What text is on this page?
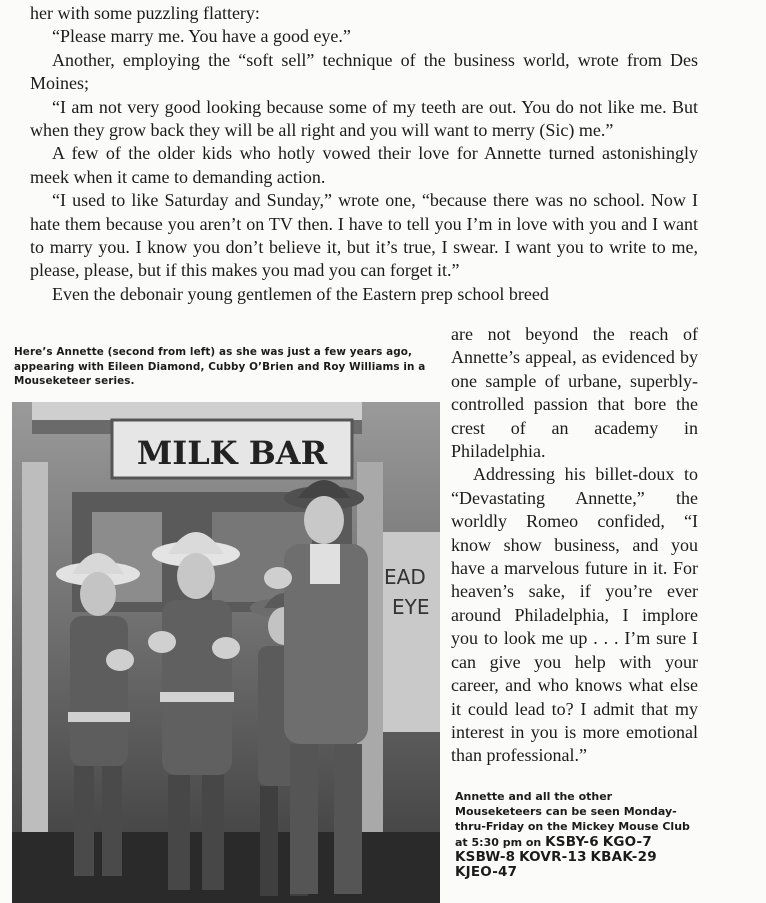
her with some puzzling flattery:

“Please marry me. You have a good eye.”

Another, employing the “soft sell” technique of the business world, wrote from Des Moines;

“I am not very good looking because some of my teeth are out. You do not like me. But when they grow back they will be all right and you will want to merry (Sic) me.”

A few of the older kids who hotly vowed their love for Annette turned astonishingly meek when it came to demanding action.

“I used to like Saturday and Sunday,” wrote one, “because there was no school. Now I hate them because you aren’t on TV then. I have to tell you I’m in love with you and I want to marry you. I know you don’t believe it, but it’s true, I swear. I want you to write to me, please, please, but if this makes you mad you can forget it.”

Even the debonair young gentlemen of the Eastern prep school breed

Here’s Annette (second from left) as she was just a few years ago, appearing with Eileen Diamond, Cubby O’Brien and Roy Williams in a Mouseketeer series.
MILK BAR
EAD
EYE

are not beyond the reach of Annette’s appeal, as evidenced by one sample of urbane, superbly-controlled passion that bore the crest of an academy in Philadelphia.

Addressing his billet-doux to “Devastating Annette,” the worldly Romeo confided, “I know show business, and you have a marvelous future in it. For heaven’s sake, if you’re ever around Philadelphia, I implore you to look me up . . . I’m sure I can give you help with your career, and who knows what else it could lead to? I admit that my interest in you is more emotional than professional.”

Annette and all the other Mouseketeers can be seen Monday-thru-Friday on the Mickey Mouse Club at 5:30 pm on KSBY-6 KGO-7 KSBW-8 KOVR-13 KBAK-29 KJEO-47
